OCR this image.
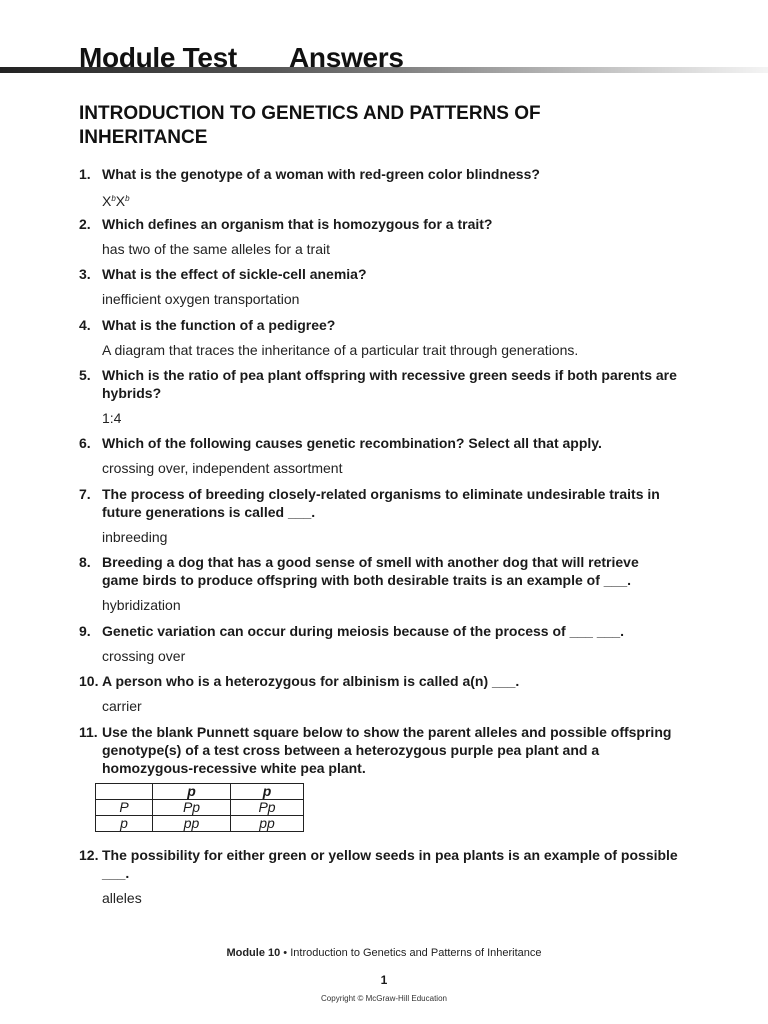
Module Test Answers
INTRODUCTION TO GENETICS AND PATTERNS OF INHERITANCE
1. What is the genotype of a woman with red-green color blindness?
$X^bX^b$
2. Which defines an organism that is homozygous for a trait?
has two of the same alleles for a trait
3. What is the effect of sickle-cell anemia?
inefficient oxygen transportation
4. What is the function of a pedigree?
A diagram that traces the inheritance of a particular trait through generations.
5. Which is the ratio of pea plant offspring with recessive green seeds if both parents are hybrids?
1:4
6. Which of the following causes genetic recombination? Select all that apply.
crossing over, independent assortment
7. The process of breeding closely-related organisms to eliminate undesirable traits in future generations is called ___.
inbreeding
8. Breeding a dog that has a good sense of smell with another dog that will retrieve game birds to produce offspring with both desirable traits is an example of ___.
hybridization
9. Genetic variation can occur during meiosis because of the process of ___ ___.
crossing over
10. A person who is a heterozygous for albinism is called a(n) ___.
carrier
11. Use the blank Punnett square below to show the parent alleles and possible offspring genotype(s) of a test cross between a heterozygous purple pea plant and a homozygous-recessive white pea plant.
	p	p
P	Pp	Pp
p	pp	pp
12. The possibility for either green or yellow seeds in pea plants is an example of possible ___.
alleles
Module 10 • Introduction to Genetics and Patterns of Inheritance
1
Copyright © McGraw-Hill Education
